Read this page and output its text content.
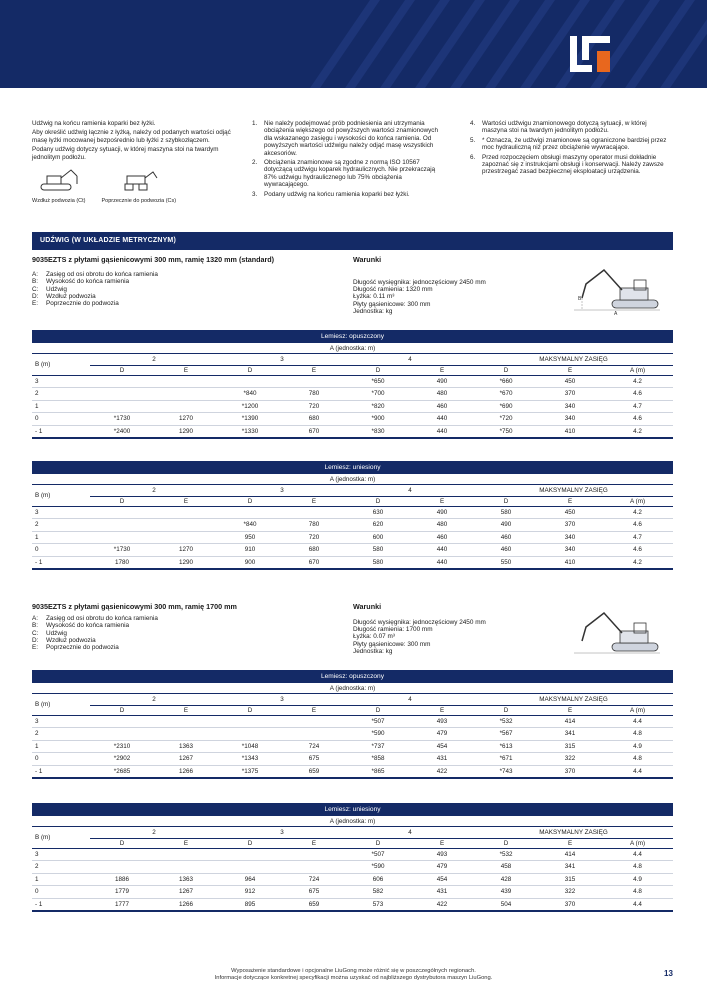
Udźwig na końcu ramienia koparki bez łyżki.

Aby określić udźwig łącznie z łyżką, należy od podanych wartości odjąć masę łyżki mocowanej bezpośrednio lub łyżki z szybkozłączem.

Podany udźwig dotyczy sytuacji, w której maszyna stoi na twardym jednolitym podłożu.

Wzdłuż podwozia (Ct)	Poprzecznie do podwozia (Cs)
1.	Nie należy podejmować prób podniesienia ani utrzymania obciążenia większego od powyższych wartości znamionowych dla wskazanego zasięgu i wysokości do końca ramienia. Od powyższych wartości udźwigu należy odjąć masę wszystkich akcesoriów.
2.	Obciążenia znamionowe są zgodne z normą ISO 10567 dotyczącą udźwigu koparek hydraulicznych. Nie przekraczają 87% udźwigu hydraulicznego lub 75% obciążenia wywracającego.
3.	Podany udźwig na końcu ramienia koparki bez łyżki.
4.	Wartości udźwigu znamionowego dotyczą sytuacji, w której maszyna stoi na twardym jednolitym podłożu.
5.	* Oznacza, że udźwigi znamionowe są ograniczone bardziej przez moc hydrauliczną niż przez obciążenie wywracające.
6.	Przed rozpoczęciem obsługi maszyny operator musi dokładnie zapoznać się z instrukcjami obsługi i konserwacji. Należy zawsze przestrzegać zasad bezpiecznej eksploatacji urządzenia.
UDŹWIG (W UKŁADZIE METRYCZNYM)
9035EZTS z płytami gąsienicowymi 300 mm, ramię 1320 mm (standard)	Warunki
A: Zasięg od osi obrotu do końca ramienia
B: Wysokość do końca ramienia
C: Udźwig
D: Wzdłuż podwozia
E: Poprzecznie do podwozia
Długość wysięgnika: jednoczęściowy 2450 mm
Długość ramienia: 1320 mm
Łyżka: 0.11 m³
Płyty gąsienicowe: 300 mm
Jednostka: kg
B
A
Lemiesz: opuszczony
A (jednostka: m)
B (m)	2		3		4		MAKSYMALNY ZASIĘG		
	D	E	D	E	D	E	D	E	A (m)
3					*650	490	*660	450	4.2
2			*840	780	*700	480	*670	370	4.6
1			*1200	720	*820	460	*690	340	4.7
0	*1730	1270	*1390	680	*900	440	*720	340	4.6
- 1	*2400	1290	*1330	670	*830	440	*750	410	4.2
Lemiesz: uniesiony
A (jednostka: m)
B (m)	2		3		4		MAKSYMALNY ZASIĘG		
	D	E	D	E	D	E	D	E	A (m)
3					630	490	580	450	4.2
2			*840	780	620	480	490	370	4.6
1			950	720	600	460	460	340	4.7
0	*1730	1270	910	680	580	440	460	340	4.6
- 1	1780	1290	900	670	580	440	550	410	4.2
9035EZTS z płytami gąsienicowymi 300 mm, ramię 1700 mm	Warunki
A: Zasięg od osi obrotu do końca ramienia
B: Wysokość do końca ramienia
C: Udźwig
D: Wzdłuż podwozia
E: Poprzecznie do podwozia
Długość wysięgnika: jednoczęściowy 2450 mm
Długość ramienia: 1700 mm
Łyżka: 0.07 m³
Płyty gąsienicowe: 300 mm
Jednostka: kg
Lemiesz: opuszczony
A (jednostka: m)
B (m)	2		3		4		MAKSYMALNY ZASIĘG		
	D	E	D	E	D	E	D	E	A (m)
3					*507	493	*532	414	4.4
2					*590	479	*567	341	4.8
1	*2310	1363	*1048	724	*737	454	*613	315	4.9
0	*2902	1267	*1343	675	*858	431	*671	322	4.8
- 1	*2685	1266	*1375	659	*865	422	*743	370	4.4
Lemiesz: uniesiony
A (jednostka: m)
B (m)	2		3		4		MAKSYMALNY ZASIĘG		
	D	E	D	E	D	E	D	E	A (m)
3					*507	493	*532	414	4.4
2					*590	479	458	341	4.8
1	1886	1363	964	724	606	454	428	315	4.9
0	1779	1267	912	675	582	431	439	322	4.8
- 1	1777	1266	895	659	573	422	504	370	4.4
Wyposażenie standardowe i opcjonalne LiuGong może różnić się w poszczególnych regionach.
Informacje dotyczące konkretnej specyfikacji można uzyskać od najbliższego dystrybutora maszyn LiuGong.	13
